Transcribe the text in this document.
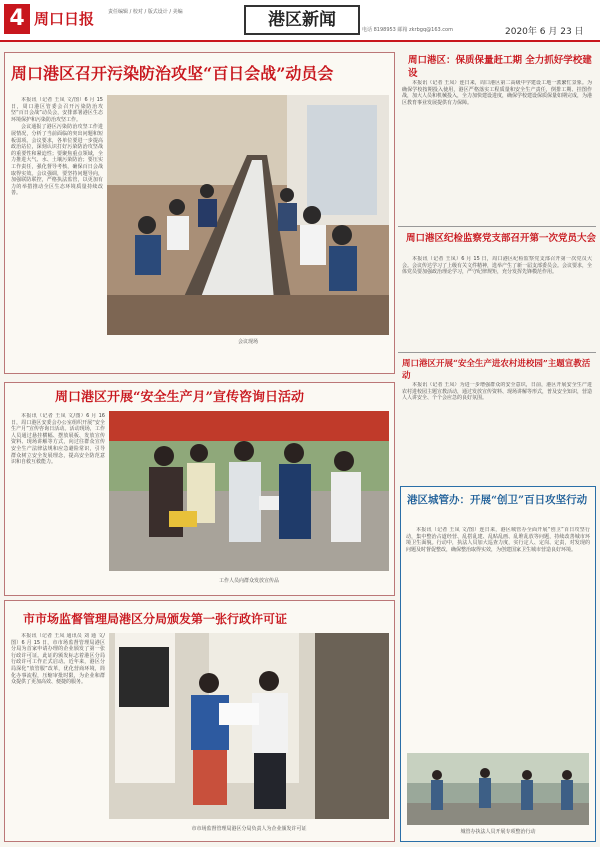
4 周口日报	责任编辑 / 校对 / 版式设计 / 美编	港区新闻	电话 8198953 邮箱 zkrbgq@163.com	2020年 6 月 23 日
周口港区召开污染防治攻坚“百日会战”动员会

本报讯（记者 王凤 文/图）6 月 15 日，周口港区管委会召开污染防治攻坚“百日会战”动员会，安排部署港区生态环境保护和污染防治攻坚工作。

会议通报了港区污染防治攻坚工作进展情况，分析了当前面临的突出问题和短板弱项。会议要求，各单位要进一步提高政治站位，深刻认识打好污染防治攻坚战的重要性和紧迫性；要聚焦重点领域，全力推进大气、水、土壤污染防治；要压实工作责任，强化督导考核，确保百日会战取得实效。会议强调，要坚持问题导向，加强联防联控，严格执法监管，以更加有力的举措推动全区生态环境质量持续改善。

会议现场
周口港区开展“安全生产月”宣传咨询日活动

本报讯（记者 王凤 文/图）6 月 16 日，周口港区安委会办公室组织开展“安全生产月”宣传咨询日活动。活动现场，工作人员通过悬挂横幅、摆放展板、发放宣传资料、现场讲解等方式，向过往群众宣传安全生产法律法规和应急避险常识，引导群众树立安全发展理念，提高安全防范意识和自救互救能力。

工作人员向群众发放宣传品
市市场监督管理局港区分局颁发第一张行政许可证

本报讯（记者 王凤 通讯员 刘 通 文/图）6 月 15 日，市市场监督管理局港区分局为首家申请办理的企业颁发了第一张行政许可证。此证的颁发标志着港区分局行政许可工作正式启动。近年来，港区分局深化“放管服”改革，优化营商环境，简化办事流程，压缩审批时限，为企业和群众提供了更加高效、便捷的服务。

市市场监督管理局港区分局负责人为企业颁发许可证
周口港区：保质保量赶工期 全力抓好学校建设

本报讯（记者 王凤）连日来，周口港区第二高级中学建设工地一派繁忙景象。为确保学校按期投入使用，港区严格落实工程质量和安全生产责任，倒排工期、挂图作战，加大人员和机械投入，全力加快建设进度，确保学校建设保质保量如期完成，为港区教育事业发展提供有力保障。

周口港区纪检监察党支部召开第一次党员大会

本报讯（记者 王凤）6 月 15 日，周口港区纪检监察党支部召开第一次党员大会。会议传达学习了上级有关文件精神，选举产生了新一届支部委员会。会议要求，全体党员要加强政治理论学习，严守纪律规矩，充分发挥先锋模范作用。

周口港区开展“安全生产进农村进校园”主题宣教活动

本报讯（记者 王凤）为进一步增强群众的安全意识，日前，港区开展安全生产进农村进校园主题宣教活动，通过发放宣传资料、现场讲解等形式，普及安全知识，营造人人讲安全、个个会应急的良好氛围。

港区城管办：开展“创卫”百日攻坚行动

本报讯（记者 王凤 文/图）连日来，港区城管办全面开展“创卫”百日攻坚行动，集中整治占道经营、乱搭乱建、乱贴乱画、乱堆乱放等问题，持续改善城市环境卫生面貌。行动中，执法人员加大巡查力度，实行定人、定岗、定责，对发现的问题及时督促整改，确保整治取得实效，为创建国家卫生城市营造良好环境。

城管办执法人员开展专项整治行动
